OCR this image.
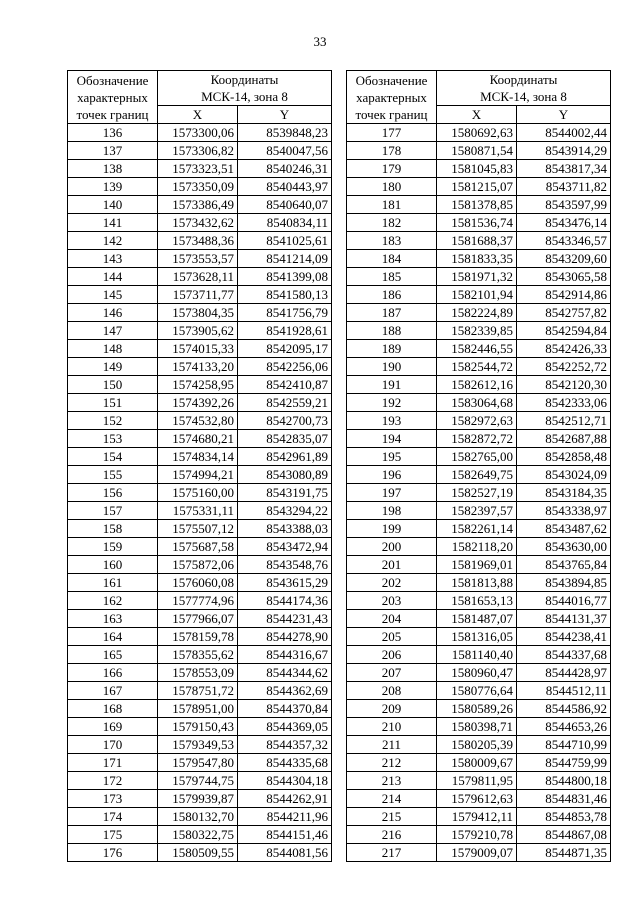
33
Обозначение
характерных
точек границ	Координаты
МСК-14, зона 8	

	X	Y
136	1573300,06	8539848,23
137	1573306,82	8540047,56
138	1573323,51	8540246,31
139	1573350,09	8540443,97
140	1573386,49	8540640,07
141	1573432,62	8540834,11
142	1573488,36	8541025,61
143	1573553,57	8541214,09
144	1573628,11	8541399,08
145	1573711,77	8541580,13
146	1573804,35	8541756,79
147	1573905,62	8541928,61
148	1574015,33	8542095,17
149	1574133,20	8542256,06
150	1574258,95	8542410,87
151	1574392,26	8542559,21
152	1574532,80	8542700,73
153	1574680,21	8542835,07
154	1574834,14	8542961,89
155	1574994,21	8543080,89
156	1575160,00	8543191,75
157	1575331,11	8543294,22
158	1575507,12	8543388,03
159	1575687,58	8543472,94
160	1575872,06	8543548,76
161	1576060,08	8543615,29
162	1577774,96	8544174,36
163	1577966,07	8544231,43
164	1578159,78	8544278,90
165	1578355,62	8544316,67
166	1578553,09	8544344,62
167	1578751,72	8544362,69
168	1578951,00	8544370,84
169	1579150,43	8544369,05
170	1579349,53	8544357,32
171	1579547,80	8544335,68
172	1579744,75	8544304,18
173	1579939,87	8544262,91
174	1580132,70	8544211,96
175	1580322,75	8544151,46
176	1580509,55	8544081,56
Обозначение
характерных
точек границ	Координаты
МСК-14, зона 8	

	X	Y
177	1580692,63	8544002,44
178	1580871,54	8543914,29
179	1581045,83	8543817,34
180	1581215,07	8543711,82
181	1581378,85	8543597,99
182	1581536,74	8543476,14
183	1581688,37	8543346,57
184	1581833,35	8543209,60
185	1581971,32	8543065,58
186	1582101,94	8542914,86
187	1582224,89	8542757,82
188	1582339,85	8542594,84
189	1582446,55	8542426,33
190	1582544,72	8542252,72
191	1582612,16	8542120,30
192	1583064,68	8542333,06
193	1582972,63	8542512,71
194	1582872,72	8542687,88
195	1582765,00	8542858,48
196	1582649,75	8543024,09
197	1582527,19	8543184,35
198	1582397,57	8543338,97
199	1582261,14	8543487,62
200	1582118,20	8543630,00
201	1581969,01	8543765,84
202	1581813,88	8543894,85
203	1581653,13	8544016,77
204	1581487,07	8544131,37
205	1581316,05	8544238,41
206	1581140,40	8544337,68
207	1580960,47	8544428,97
208	1580776,64	8544512,11
209	1580589,26	8544586,92
210	1580398,71	8544653,26
211	1580205,39	8544710,99
212	1580009,67	8544759,99
213	1579811,95	8544800,18
214	1579612,63	8544831,46
215	1579412,11	8544853,78
216	1579210,78	8544867,08
217	1579009,07	8544871,35
